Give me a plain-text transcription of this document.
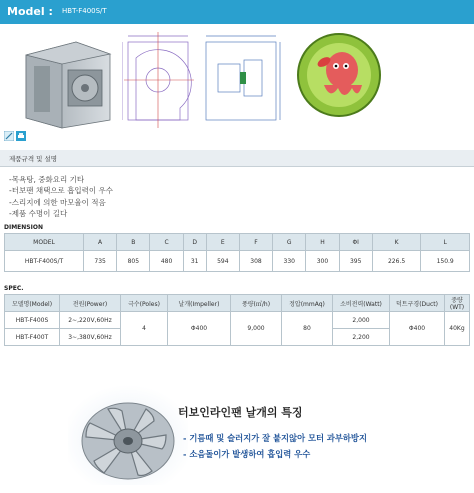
Model : HBT-F400S/T
제품규격 및 설명
-목욕탕, 중화요리 기타
-터보팬 채택으로 흡입력이 우수
-스리지에 의한 마모율이 적음
-제품 수명이 길다
DIMENSION
MODEL	A	B	C	D	E	F	G	H	ΦI	K	L
HBT-F400S/T	735	805	480	31	594	308	330	300	395	226.5	150.9
SPEC.
모델명(Model)	전원(Power)	극수(Poles)	날개(Impeller)	풍량(㎥/h)	정압(mmAq)	소비전력(Watt)	덕트구경(Duct)	중량(WT)
HBT-F400S	2∼,220V,60Hz	4	Φ400	9,000	80	2,000	Φ400	40Kg
HBT-F400T	3∼,380V,60Hz					2,200		
터보인라인팬 날개의 특징
- 기름때 및 슬러지가 잘 붙지않아 모터 과부하방지
- 소음돌이가 발생하여 흡입력 우수
